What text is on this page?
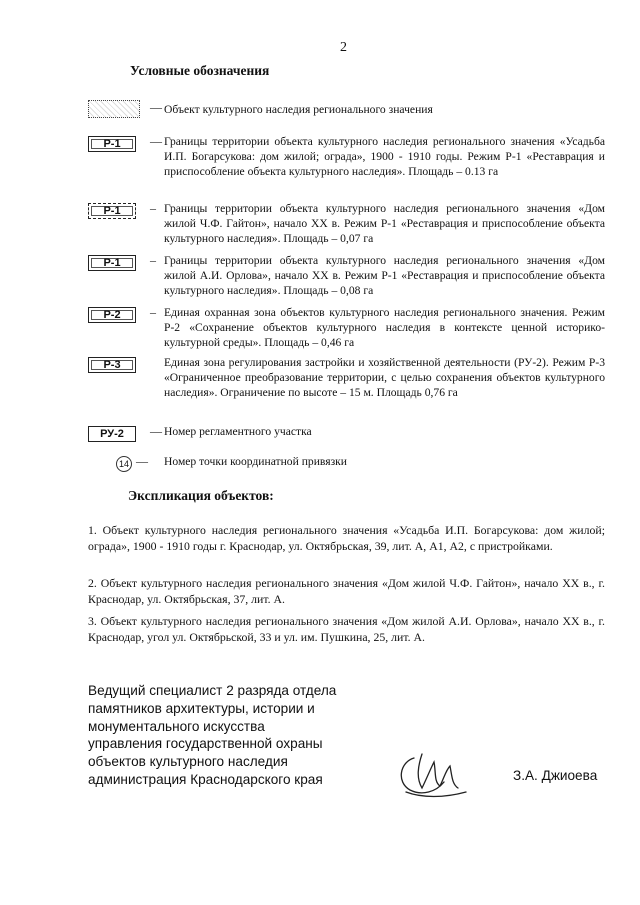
2
Условные обозначения
— Объект культурного наследия регионального значения
Р-1	— Границы территории объекта культурного наследия регионального значения «Усадьба И.П. Богарсукова: дом жилой; ограда», 1900 - 1910 годы. Режим Р-1 «Реставрация и приспособление объекта культурного наследия». Площадь – 0.13 га
Р-1	– Границы территории объекта культурного наследия регионального значения «Дом жилой Ч.Ф. Гайтон», начало XX в. Режим Р-1 «Реставрация и приспособление объекта культурного наследия». Площадь – 0,07 га
Р-1	– Границы территории объекта культурного наследия регионального значения «Дом жилой А.И. Орлова», начало XX в. Режим Р-1 «Реставрация и приспособление объекта культурного наследия». Площадь – 0,08 га
Р-2	– Единая охранная зона объектов культурного наследия регионального значения. Режим Р-2 «Сохранение объектов культурного наследия в контексте ценной историко-культурной среды». Площадь – 0,46 га
Р-3	Единая зона регулирования застройки и хозяйственной деятельности (РУ-2). Режим Р-3 «Ограниченное преобразование территории, с целью сохранения объектов культурного наследия». Ограничение по высоте – 15 м. Площадь 0,76 га
РУ-2	— Номер регламентного участка
14 — Номер точки координатной привязки
Экспликация объектов:
1. Объект культурного наследия регионального значения «Усадьба И.П. Богарсукова: дом жилой; ограда», 1900 - 1910 годы г. Краснодар, ул. Октябрьская, 39, лит. А, А1, А2, с пристройками.
2. Объект культурного наследия регионального значения «Дом жилой Ч.Ф. Гайтон», начало XX в., г. Краснодар, ул. Октябрьская, 37, лит. А.
3. Объект культурного наследия регионального значения «Дом жилой А.И. Орлова», начало XX в., г. Краснодар, угол ул. Октябрьской, 33 и ул. им. Пушкина, 25, лит. А.
Ведущий специалист 2 разряда отдела
памятников архитектуры, истории и
монументального искусства
управления государственной охраны
объектов культурного наследия
администрация Краснодарского края	З.А. Джиоева
